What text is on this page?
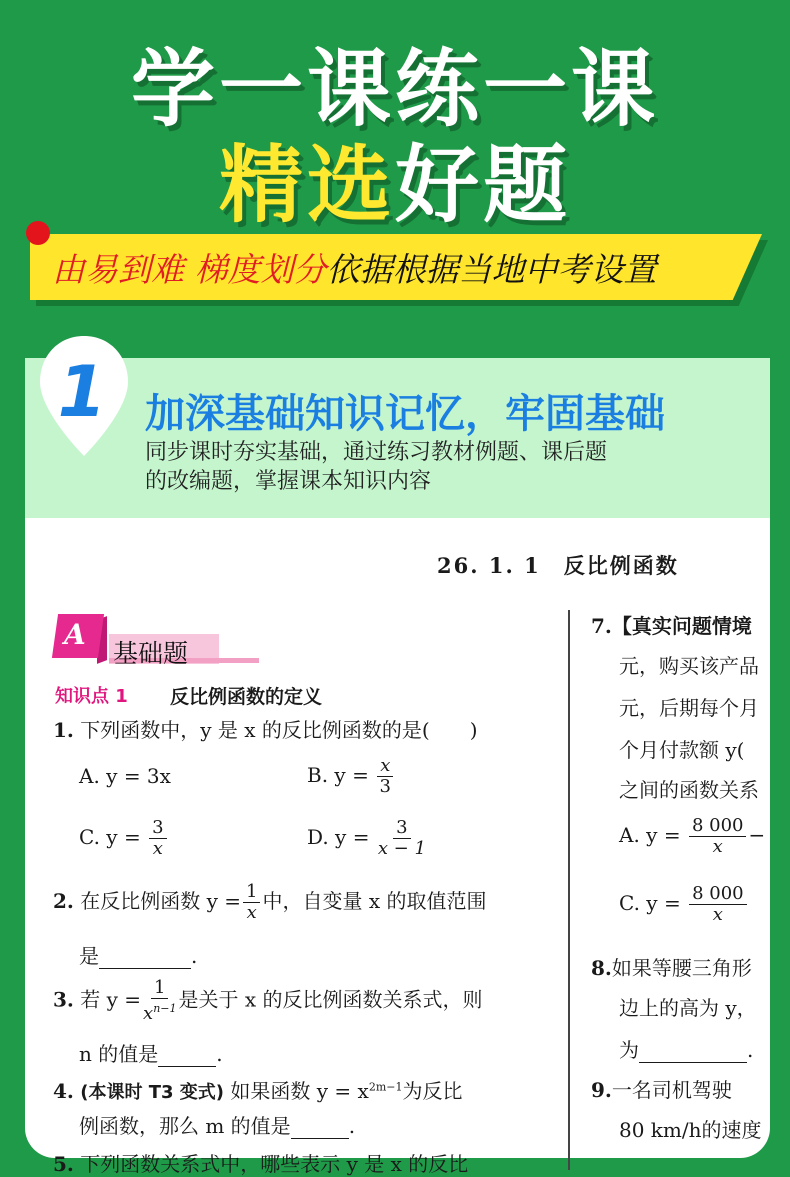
学一课练一课
精选好题
由易到难 梯度划分依据根据当地中考设置
1 加深基础知识记忆，牢固基础
同步课时夯实基础，通过练习教材例题、课后题
的改编题，掌握课本知识内容
26. 1. 1　反比例函数
A
基础题
知识点 1 反比例函数的定义
1. 下列函数中，y 是 x 的反比例函数的是(　　)
A. y = 3x	B. $y = \frac{x}{3}$
C. $y = \frac{3}{x}$	D. $y = \frac{3}{x - 1}$
2. 在反比例函数 $y = \frac{1}{x}$ 中，自变量 x 的取值范围
是	.
3. 若 $y = \frac{1}{x^{n-1}}$ 是关于 x 的反比例函数关系式，则
n 的值是	.
4. (本课时 T3 变式) 如果函数 $y = x^{2m-1}$为反比
例函数，那么 m 的值是	.
5. 下列函数关系式中，哪些表示 y 是 x 的反比
7.【真实问题情境
元，购买该产品
元，后期每个月
个月付款额 y(
之间的函数关系
A. $y = \frac{8 000}{x}$ −
C. $y = \frac{8 000}{x}$
8.如果等腰三角形
边上的高为 y，
为	.
9.一名司机驾驶
80 km/h的速度
